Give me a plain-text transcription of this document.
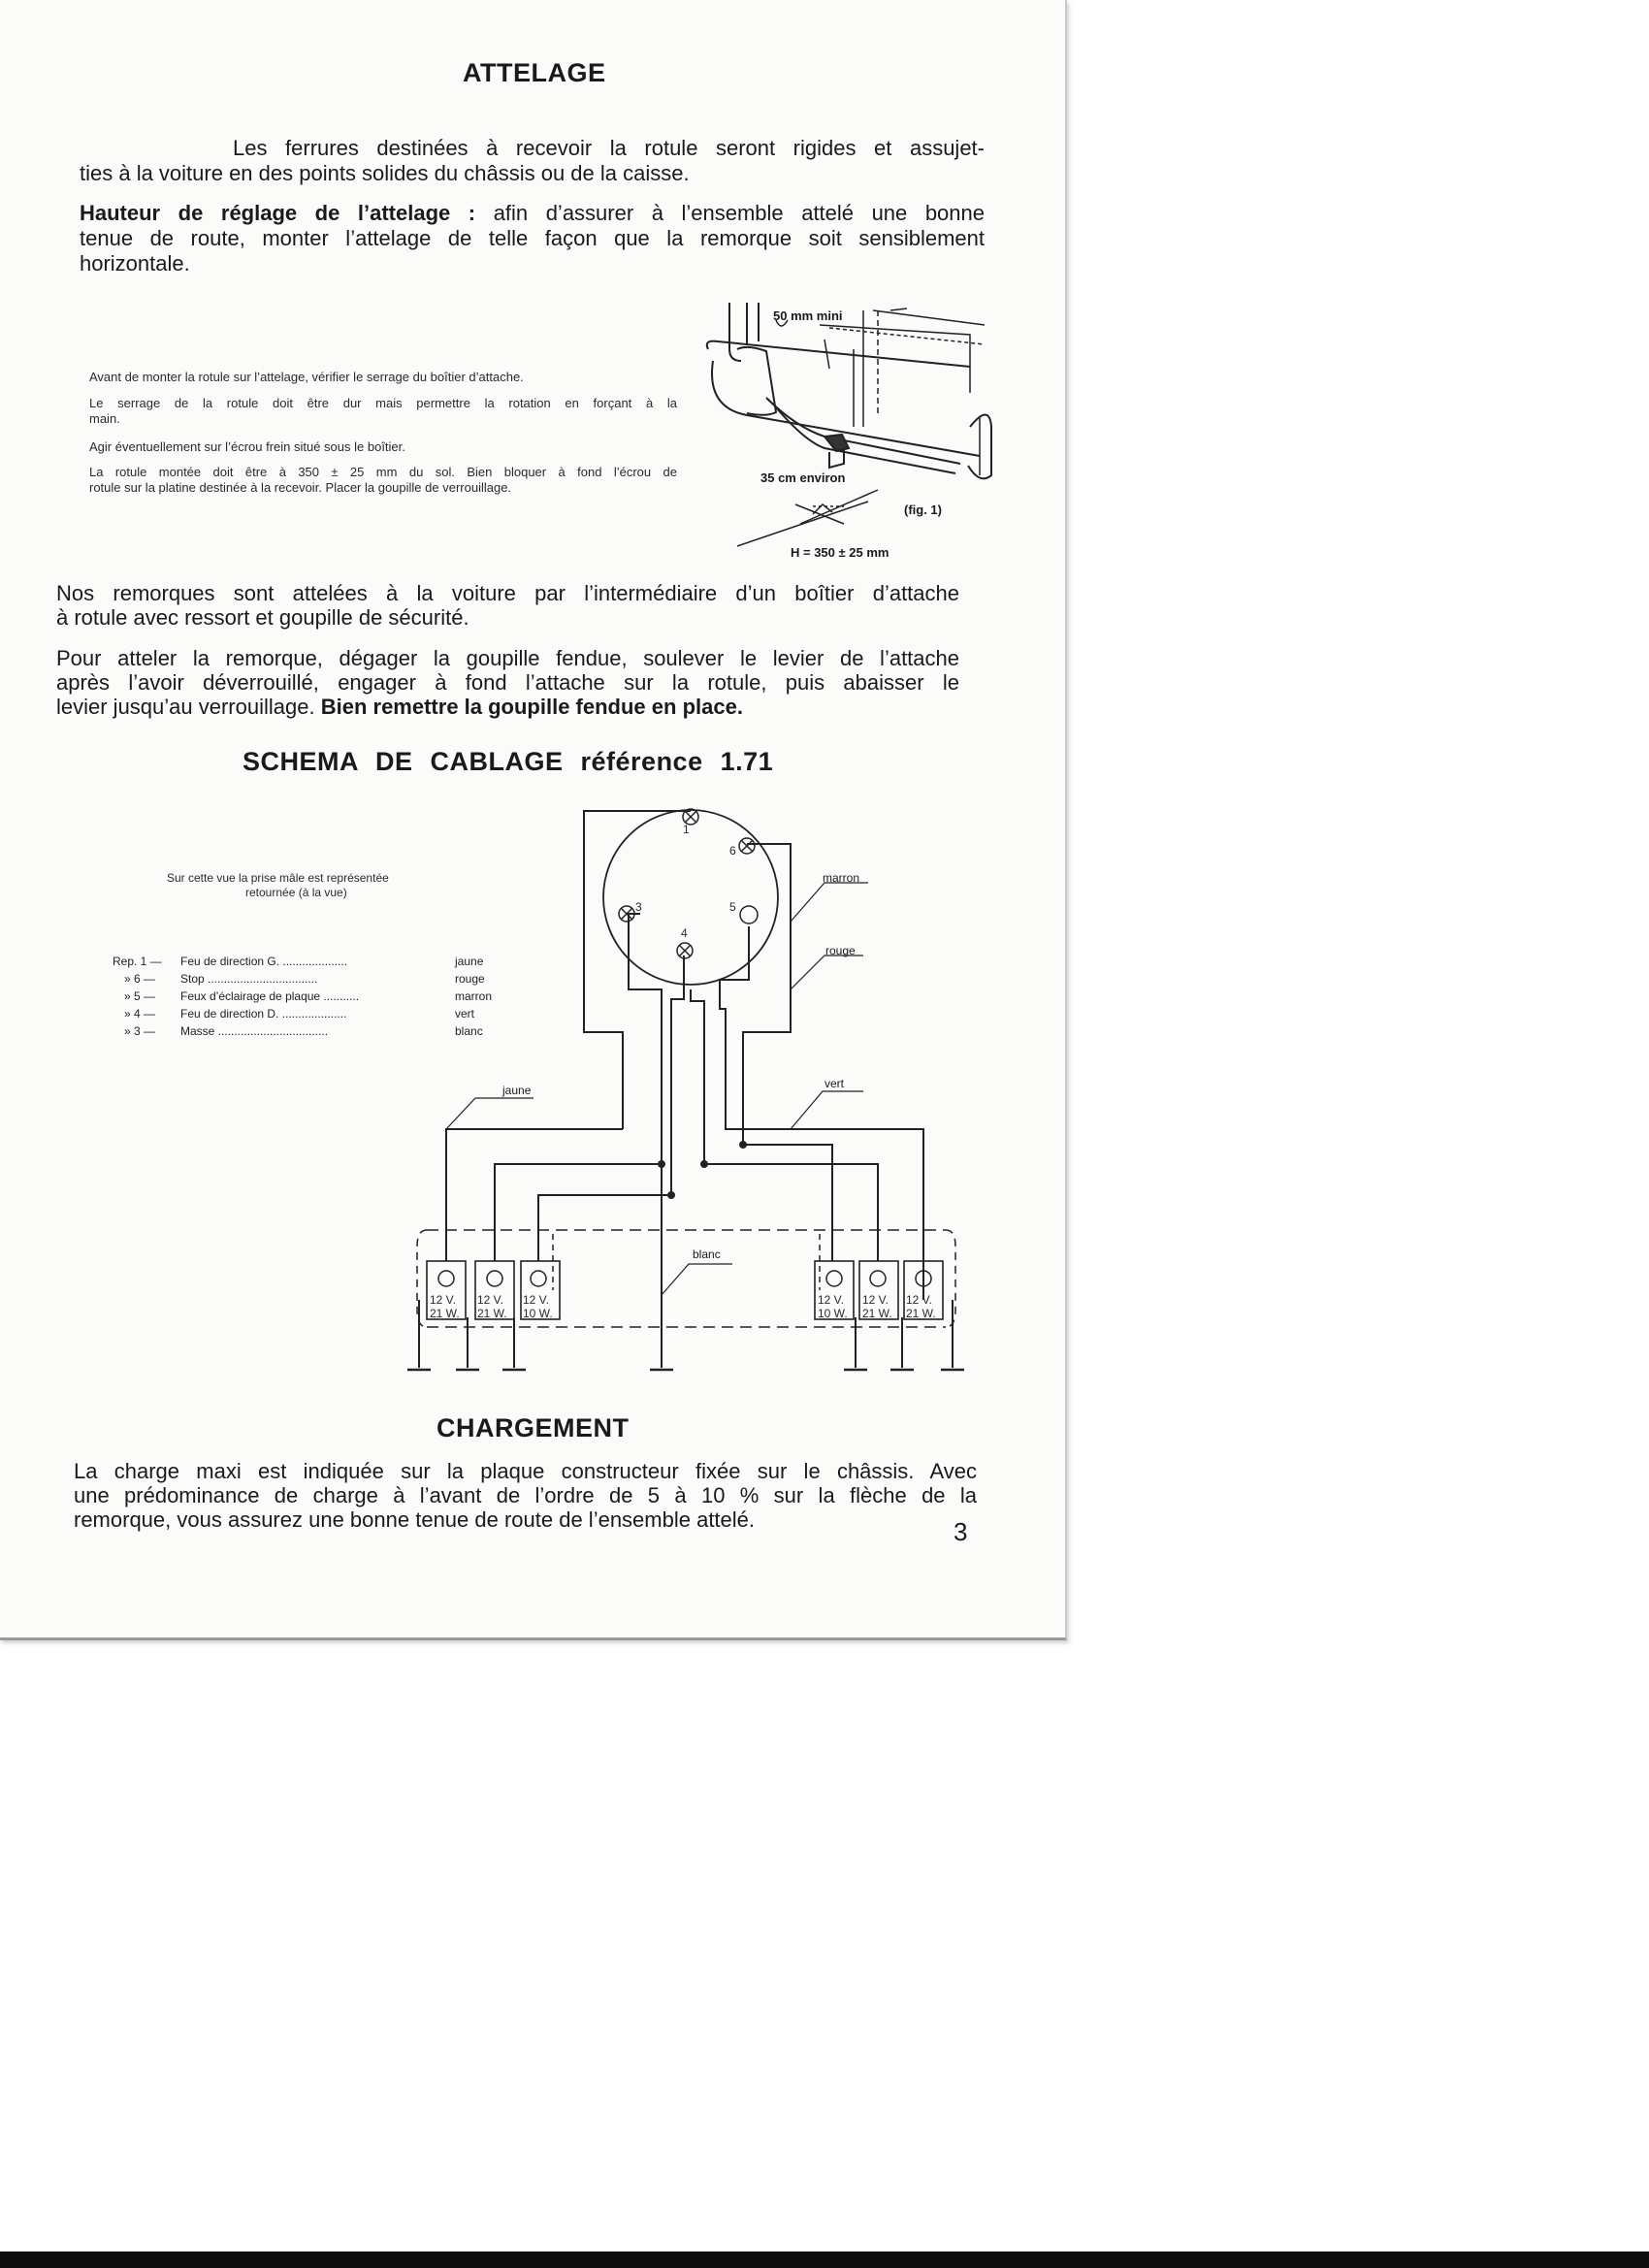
ATTELAGE
Les ferrures destinées à recevoir la rotule seront rigides et assujet-
ties à la voiture en des points solides du châssis ou de la caisse.
Hauteur de réglage de l’attelage : afin d’assurer à l’ensemble attelé une bonne
tenue de route, monter l’attelage de telle façon que la remorque soit sensiblement
horizontale.
Avant de monter la rotule sur l’attelage, vérifier le serrage du boîtier d’attache.
Le serrage de la rotule doit être dur mais permettre la rotation en forçant à la
main.
Agir éventuellement sur l’écrou frein situé sous le boîtier.
La rotule montée doit être à 350 ± 25 mm du sol. Bien bloquer à fond l’écrou de
rotule sur la platine destinée à la recevoir. Placer la goupille de verrouillage.
50 mm mini
35 cm environ
(fig. 1)
H = 350 ± 25 mm
Nos remorques sont attelées à la voiture par l’intermédiaire d’un boîtier d’attache
à rotule avec ressort et goupille de sécurité.
Pour atteler la remorque, dégager la goupille fendue, soulever le levier de l’attache
après l’avoir déverrouillé, engager à fond l’attache sur la rotule, puis abaisser le
levier jusqu’au verrouillage. Bien remettre la goupille fendue en place.
SCHEMA DE CABLAGE référence 1.71
Sur cette vue la prise mâle est représentée
retournée (à la vue)
Rep. 1 — Feu de direction G. ....................	jaune
» 6 — Stop ..................................	rouge
» 5 — Feux d’éclairage de plaque ...........	marron
» 4 — Feu de direction D. ....................	vert
» 3 — Masse ..................................	blanc
1
6
3
4
5
marron
rouge
jaune	vert
blanc
12 V.
21 W.
12 V.
21 W.
12 V.
10 W.
12 V.
10 W.
12 V.
21 W.
12 V.
21 W.
CHARGEMENT
La charge maxi est indiquée sur la plaque constructeur fixée sur le châssis. Avec
une prédominance de charge à l’avant de l’ordre de 5 à 10 % sur la flèche de la
remorque, vous assurez une bonne tenue de route de l’ensemble attelé.	3
